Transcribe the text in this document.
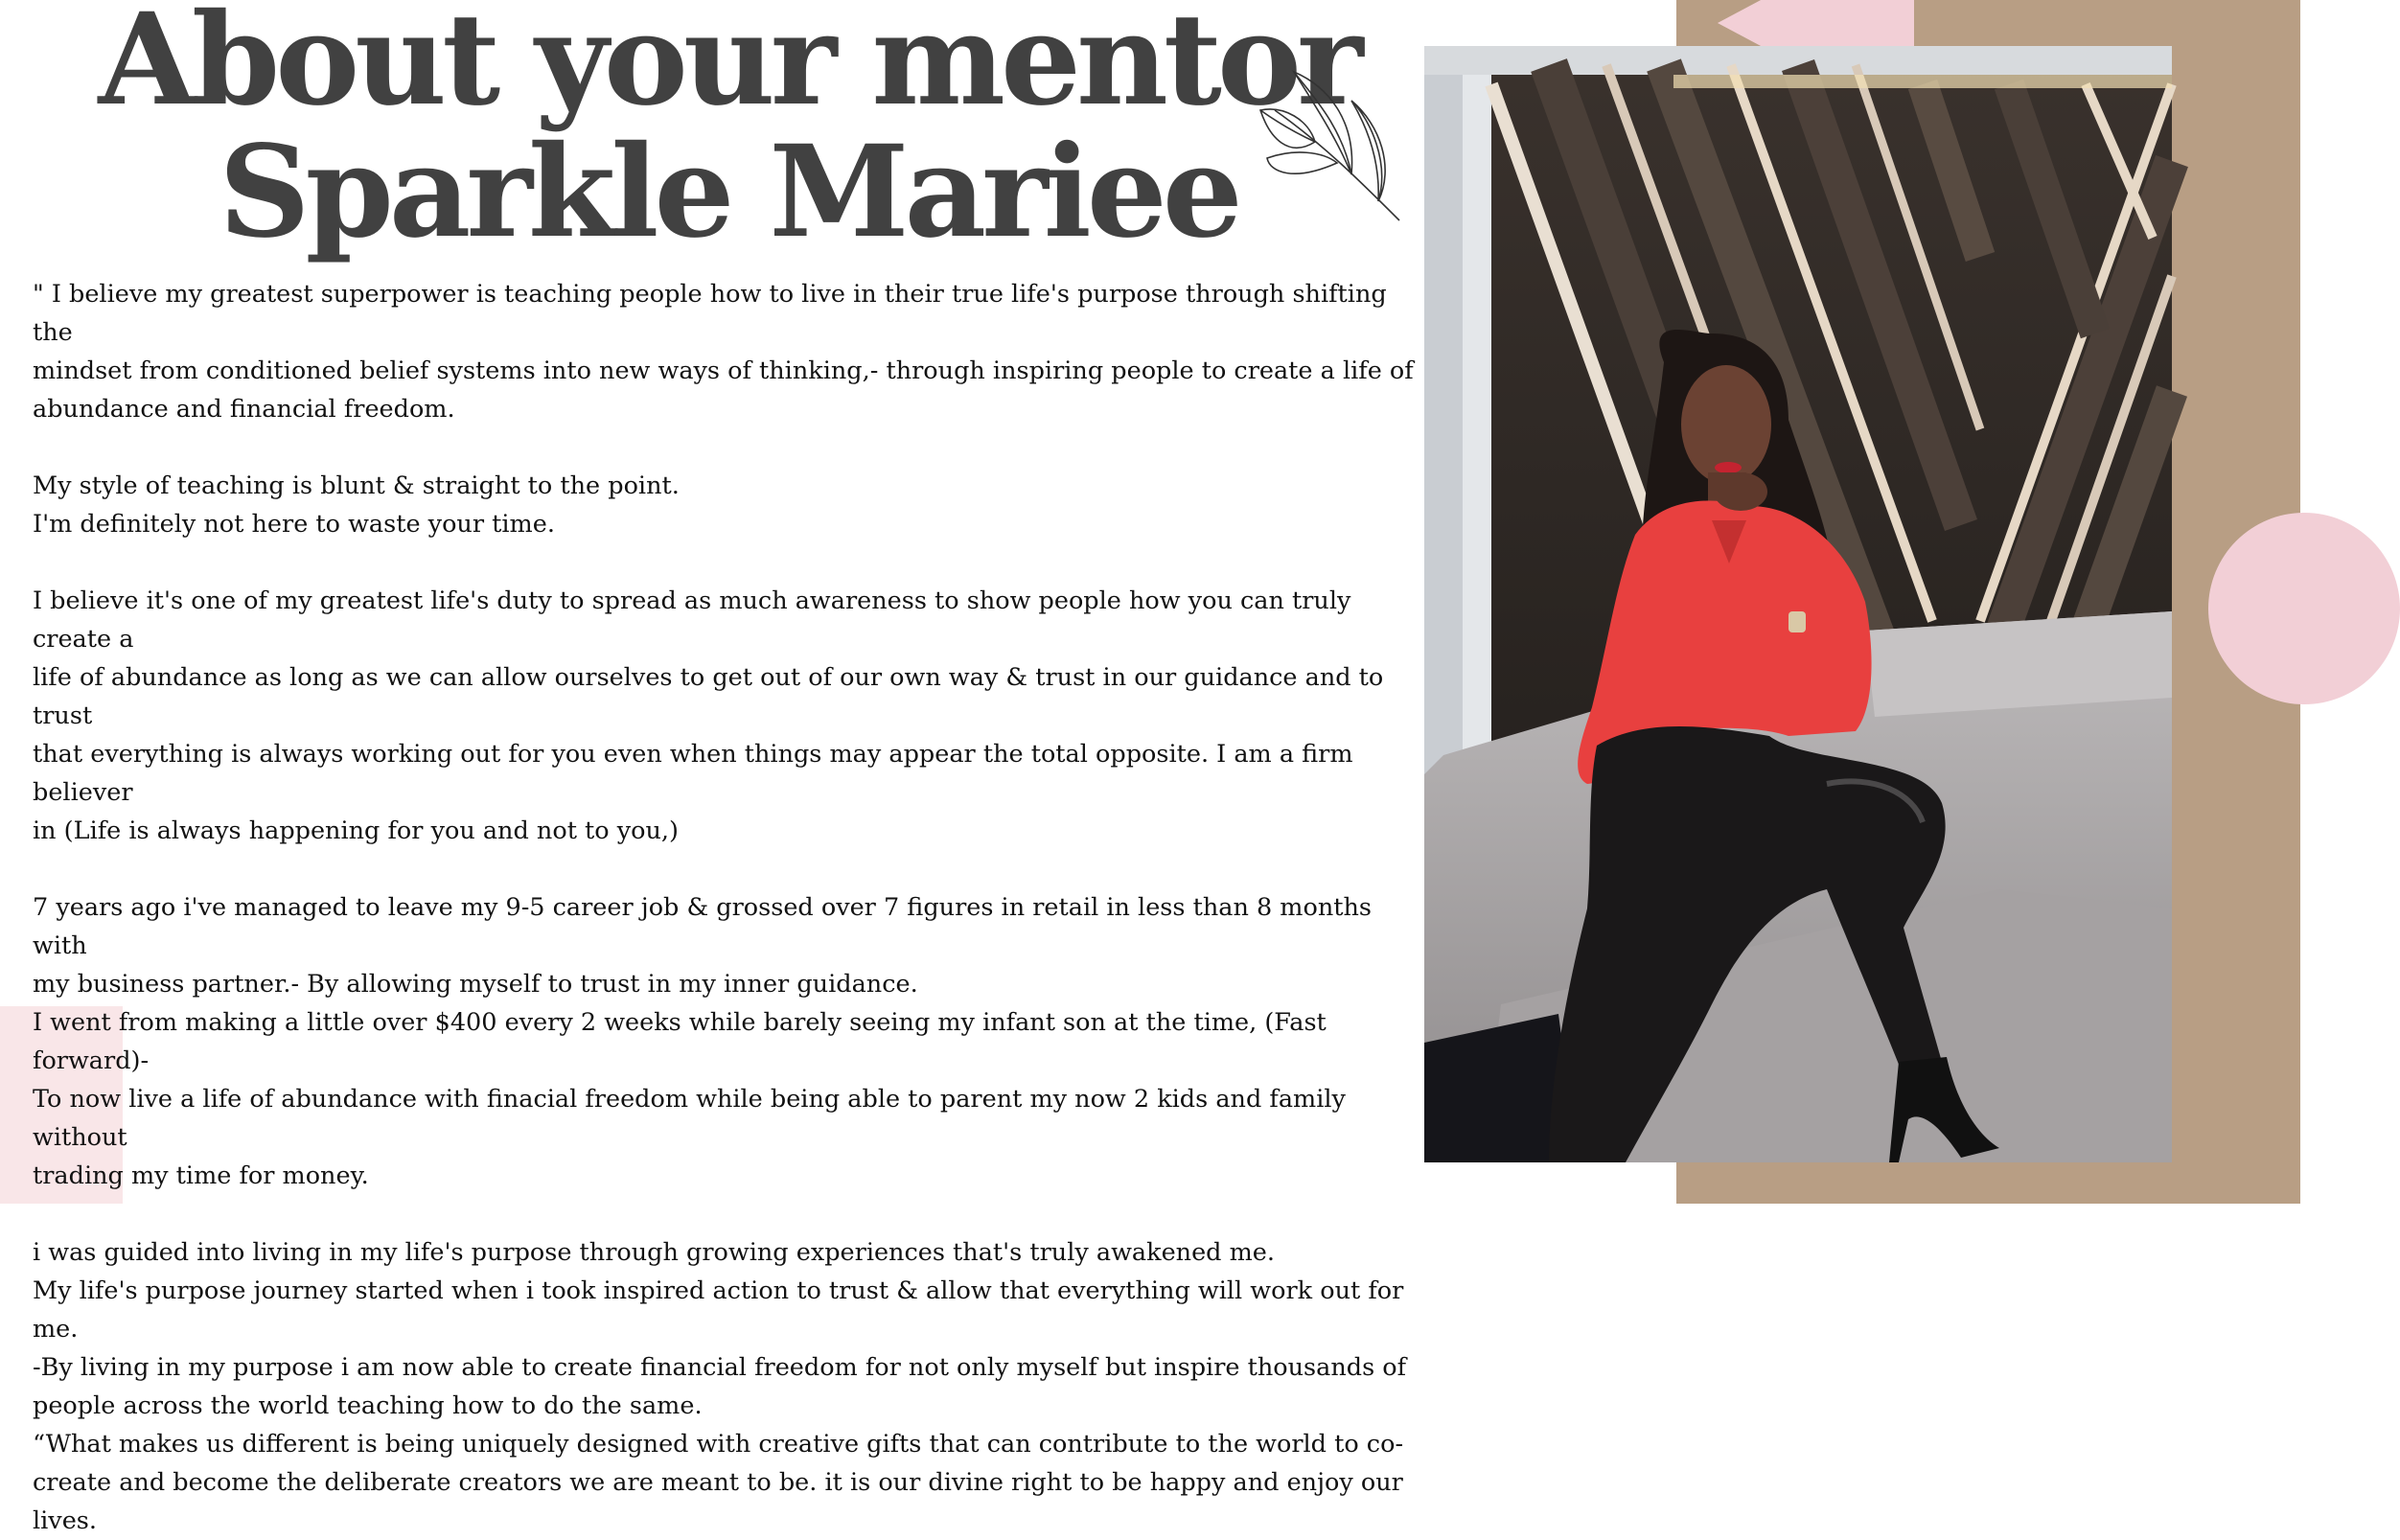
About your mentor
Sparkle Mariee

" I believe my greatest superpower is teaching people how to live in their true life's purpose through shifting the
mindset from conditioned belief systems into new ways of thinking,- through inspiring people to create a life of
abundance and financial freedom.

My style of teaching is blunt & straight to the point.
I'm definitely not here to waste your time.

I believe it's one of my greatest life's duty to spread as much awareness to show people how you can truly create a
life of abundance as long as we can allow ourselves to get out of our own way & trust in our guidance and to trust
that everything is always working out for you even when things may appear the total opposite. I am a firm believer
in (Life is always happening for you and not to you,)

7 years ago i've managed to leave my 9-5 career job & grossed over 7 figures in retail in less than 8 months with
my business partner.- By allowing myself to trust in my inner guidance.
I went from making a little over $400 every 2 weeks while barely seeing my infant son at the time, (Fast forward)-
To now live a life of abundance with finacial freedom while being able to parent my now 2 kids and family without
trading my time for money.

i was guided into living in my life's purpose through growing experiences that's truly awakened me.
My life's purpose journey started when i took inspired action to trust & allow that everything will work out for me.
-By living in my purpose i am now able to create financial freedom for not only myself but inspire thousands of
people across the world teaching how to do the same.
“What makes us different is being uniquely designed with creative gifts that can contribute to the world to co-
create and become the deliberate creators we are meant to be. it is our divine right to be happy and enjoy our lives.
